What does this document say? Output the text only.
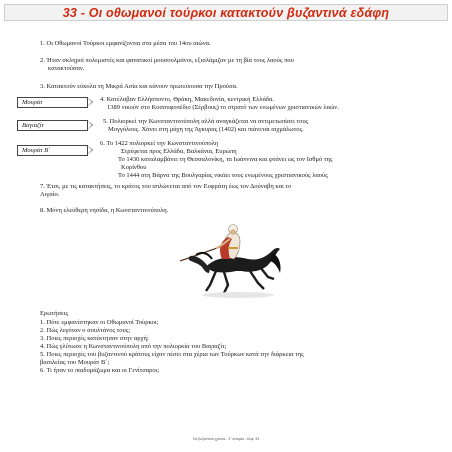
33 - Οι οθωμανοί τούρκοι κατακτούν βυζαντινά εδάφη
1. Οι Οθωμανοί Τούρκοι εμφανίζονται στα μέσα του 14ου αιώνα.
2. Ήταν σκληροί πολεμιστές και φανατικοί μουσουλμάνοι, εξισλάμιζαν με τη βία τους λαούς που
κατακτούσαν.
3. Κατακτούν εύκολα τη Μικρά Ασία και κάνουν πρωτεύουσα την Προύσα.
Μουράτ	4. Κατέλαβαν Ελλήσποντο, Θράκη, Μακεδονία, κεντρική Ελλάδα.
1389 νικούν στο Κοσσυφοπέδιο (Σέρβους) το στρατό των ενωμένων χριστιανικών λαών.
Βαγιαζίτ
5. Πολιορκεί την Κωνσταντινούπολη αλλά αναγκάζεται να αντιμετωπίσει τους
Μογγόλους. Χάνει στη μάχη της Άγκυρας (1402) και πιάνεται αιχμάλωτος.
Μουράτ Β΄
6. Το 1422 πολιορκεί την Κωνσταντινούπολη
Στρέφεται προς Ελλάδα, Βαλκάνια, Ευρώπη
Το 1430 καταλαμβάνει τη Θεσσαλονίκη, τα Ιωάννινα και φτάνει ως τον Ισθμό της
Κορίνθου
Το 1444 στη Βάρνα της Βουλγαρίας νικάει τους ενωμένους χριστιανικούς λαούς
7. Έτσι, με τις κατακτήσεις, το κράτος του απλώνεται από τον Ευφράτη έως τον Δούναβη και το
Αιγαίο.
8. Μόνη ελεύθερη νησίδα, η Κωνσταντινούπολη.
Ερωτήσεις
1. Πότε εμφανίστηκαν οι Οθωμανοί Τούρκοι;
2. Πώς λεγόταν ο σουλτάνος τους;
3. Ποιες περιοχές κατέκτησαν στην αρχή;
4. Πώς γλύτωσε η Κωνσταντινούπολη από την πολιορκία του Βαγιαζίτ;
5. Ποιες περιοχές του βυζαντινού κράτους είχαν πέσει στα χέρια των Τούρκων κατά την διάρκεια της
βασιλείας του Μουράτ Β΄;
6. Τι ήταν το παιδομάζωμα και οι Γενίτσαροι;
Για βυζαντινά χρόνια - Σ' ιστορία - Κεφ. 33
